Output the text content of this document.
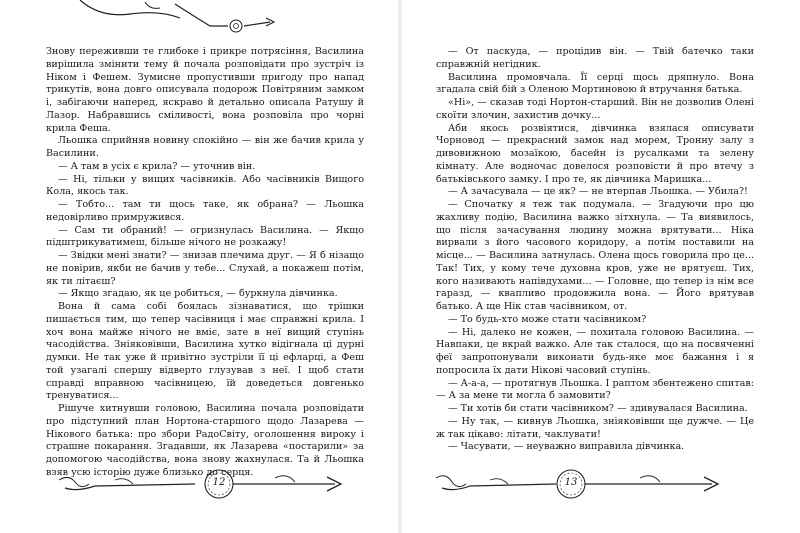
Знову переживши те глибоке і прикре потрясіння, Василина вирішила змінити тему й почала розповідати про зустріч із Ніком і Фешем. Зумисне пропустивши пригоду про напад трикутів, вона довго описувала подорож Повітряним замком і, забігаючи наперед, яскраво й детально описала Ратушу й Лазор. Набравшись сміливості, вона розповіла про чорні крила Феша.

Льошка сприйняв новину спокійно — він же бачив крила у Василини.

— А там в усіх є крила? — уточнив він.

— Ні, тільки у вищих часівників. Або часівників Вищого Кола, якось так.

— Тобто... там ти щось таке, як обрана? — Льошка недовірливо примружився.

— Сам ти обраний! — огризнулась Василина. — Якщо підштрикуватимеш, більше нічого не розкажу!

— Звідки мені знати? — знизав плечима друг. — Я б нізащо не повірив, якби не бачив у тебе... Слухай, а покажеш потім, як ти літаєш?

— Якщо згадаю, як це робиться, — буркнула дівчинка.

Вона й сама собі боялась зізнаватися, що трішки пишається тим, що тепер часівниця і має справжні крила. І хоч вона майже нічого не вміє, зате в неї вищий ступінь часодійства. Зніяковівши, Василина хутко відігнала ці дурні думки. Не так уже й привітно зустріли її ці ефларці, а Феш той узагалі спершу відверто глузував з неї. І щоб стати справді вправною часівницею, їй доведеться довгенько тренуватися...

Рішуче хитнувши головою, Василина почала розповідати про підступний план Нортона-старшого щодо Лазарева — Нікового батька: про збори РадоСвіту, оголошення вироку і страшне покарання. Згадавши, як Лазарева «постарили» за допомогою часодійства, вона знову жахнулася. Та й Льошка взяв усю історію дуже близько до серця.

12

— От паскуда, — процідив він. — Твій батечко таки справжній негідник.

Василина промовчала. Її серці щось дряпнуло. Вона згадала свій бій з Оленою Мортиновою й втручання батька.

«Ні», — сказав тоді Нортон-старший. Він не дозволив Олені скоїти злочин, захистив дочку...

Аби якось розвіятися, дівчинка взялася описувати Чорновод — прекрасний замок над морем, Тронну залу з дивовижною мозаїкою, басейн із русалками та зелену кімнату. Але водночас довелося розповісти й про втечу з батьківського замку. І про те, як дівчинка Маришка...

— А зачасувала — це як? — не втерпав Льошка. — Убила?!

— Спочатку я теж так подумала. — Згадуючи про цю жахливу подію, Василина важко зітхнула. — Та виявилось, що після зачасування людину можна врятувати... Ніка вирвали з його часового коридору, а потім поставили на місце... — Василина затнулась. Олена щось говорила про це... Так! Тих, у кому тече духовна кров, уже не врятуєш. Тих, кого називають напівдухами... — Головне, що тепер із нім все гаразд, — квапливо продовжила вона. — Його врятував батько. А ще Нік став часівником, от.

— То будь-хто може стати часівником?

— Ні, далеко не кожен, — похитала головою Василина. — Навпаки, це вкрай важко. Але так сталося, що на посвяченні феї запропонували виконати будь-яке моє бажання і я попросила їх дати Нікові часовий ступінь.

— А-а-а, — протягнув Льошка. І раптом збентежено спитав: — А за мене ти могла б замовити?

— Ти хотів би стати часівником? — здивувалася Василина.

— Ну так, — кивнув Льошка, зніяковівши ще дужче. — Це ж так цікаво: літати, чаклувати!

— Часувати, — неуважно виправила дівчинка.

13
